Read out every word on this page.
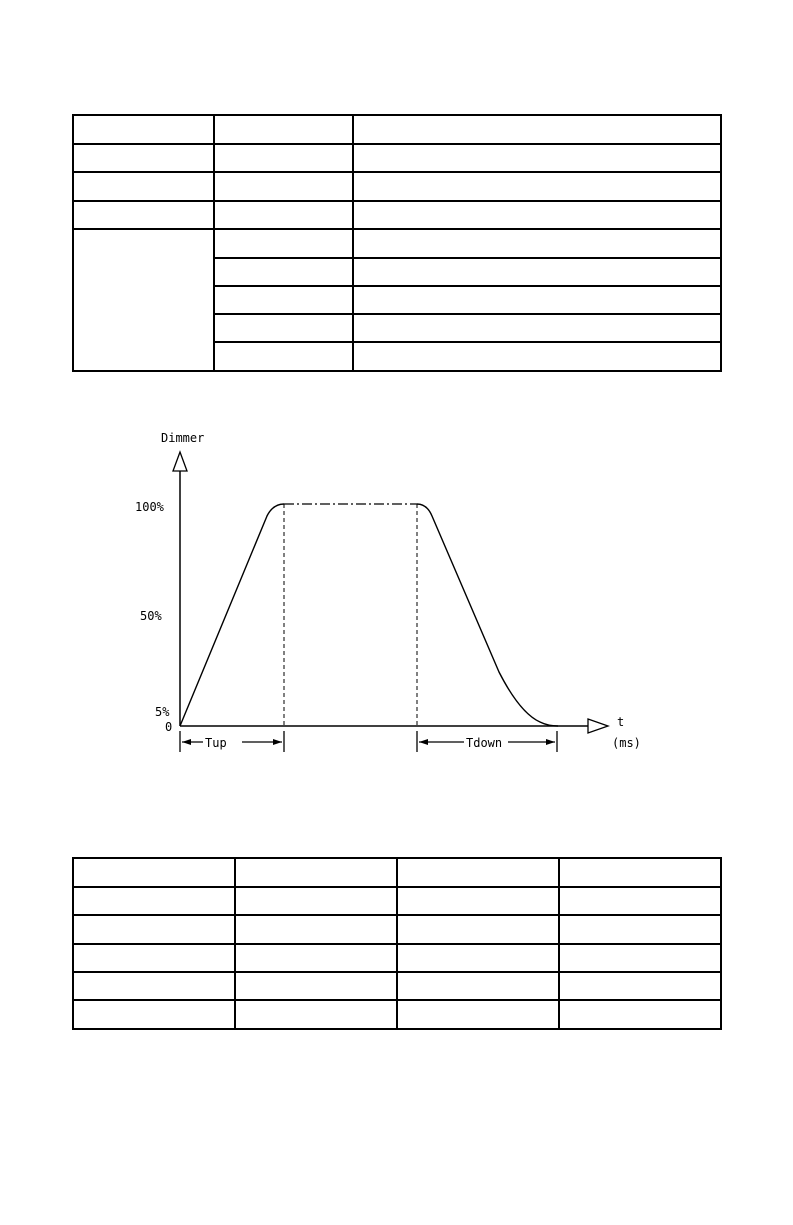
Dimmer
t
(ms)
100%
50%
5%
0
Tup	Tdown
